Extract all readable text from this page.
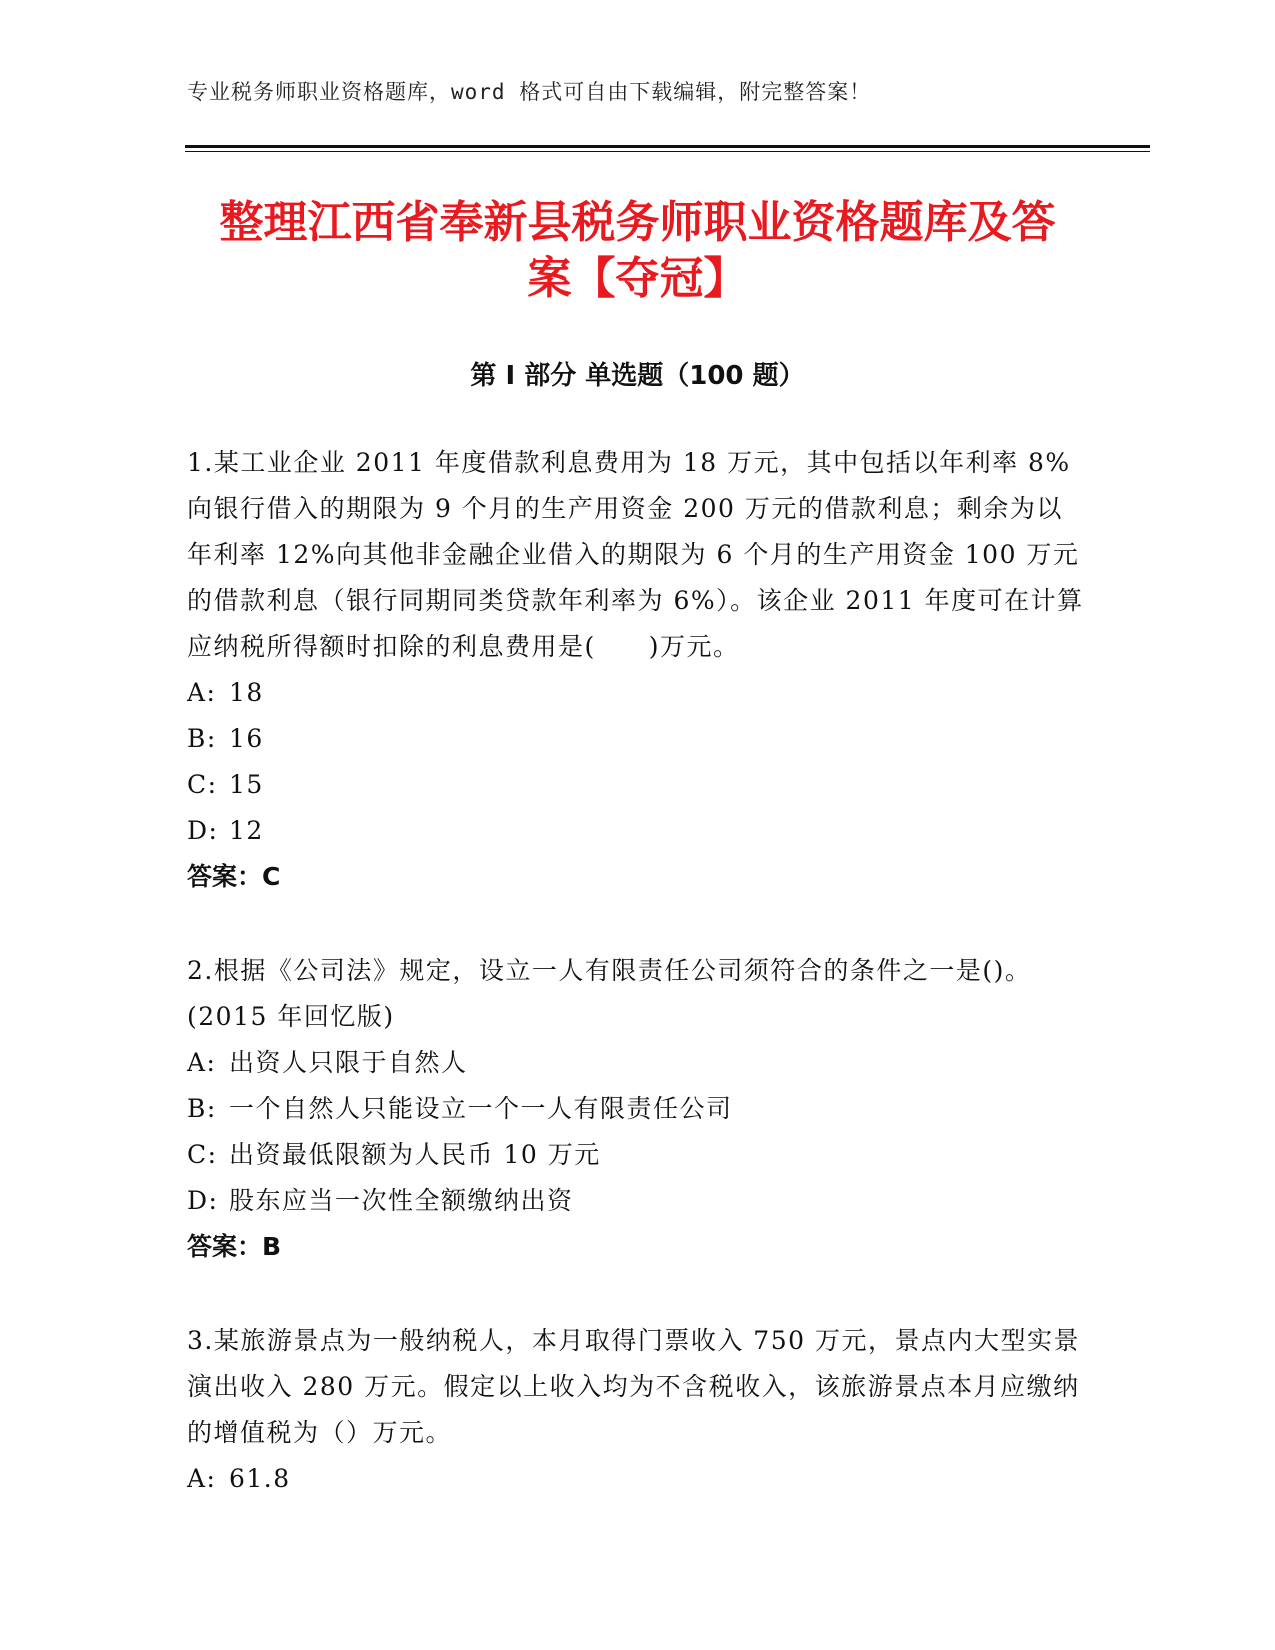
专业税务师职业资格题库，word 格式可自由下载编辑，附完整答案！
整理江西省奉新县税务师职业资格题库及答
案【夺冠】
第 I 部分 单选题（100 题）

1.某工业企业 2011 年度借款利息费用为 18 万元，其中包括以年利率 8%向银行借入的期限为 9 个月的生产用资金 200 万元的借款利息；剩余为以年利率 12%向其他非金融企业借入的期限为 6 个月的生产用资金 100 万元的借款利息（银行同期同类贷款年利率为 6%）。该企业 2011 年度可在计算应纳税所得额时扣除的利息费用是(　　)万元。

A: 18

B: 16

C: 15

D: 12

答案：C

2.根据《公司法》规定，设立一人有限责任公司须符合的条件之一是()。(2015 年回忆版)

A: 出资人只限于自然人

B: 一个自然人只能设立一个一人有限责任公司

C: 出资最低限额为人民币 10 万元

D: 股东应当一次性全额缴纳出资

答案：B

3.某旅游景点为一般纳税人，本月取得门票收入 750 万元，景点内大型实景演出收入 280 万元。假定以上收入均为不含税收入，该旅游景点本月应缴纳的增值税为（）万元。

A: 61.8
